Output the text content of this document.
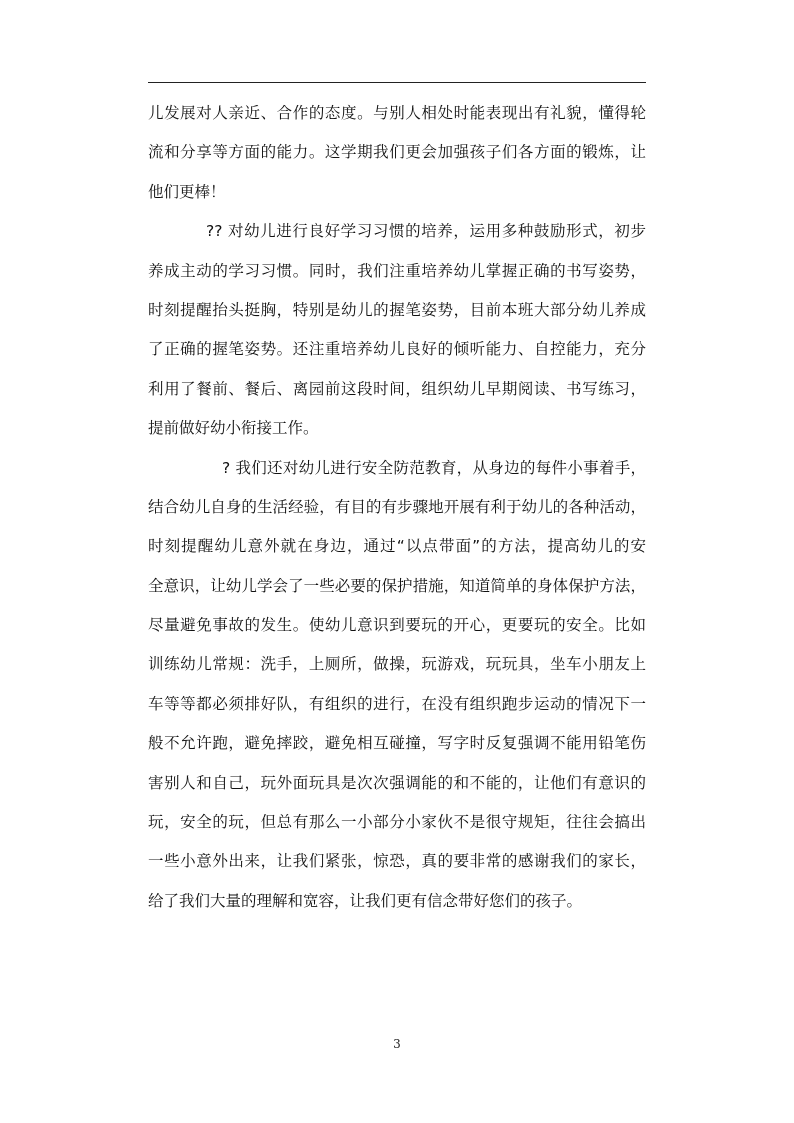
儿发展对人亲近、合作的态度。与别人相处时能表现出有礼貌，懂得轮
流和分享等方面的能力。这学期我们更会加强孩子们各方面的锻炼，让
他们更棒！
?? 对幼儿进行良好学习习惯的培养，运用多种鼓励形式，初步
养成主动的学习习惯。同时，我们注重培养幼儿掌握正确的书写姿势，
时刻提醒抬头挺胸，特别是幼儿的握笔姿势，目前本班大部分幼儿养成
了正确的握笔姿势。还注重培养幼儿良好的倾听能力、自控能力，充分
利用了餐前、餐后、离园前这段时间，组织幼儿早期阅读、书写练习，
提前做好幼小衔接工作。
? 我们还对幼儿进行安全防范教育，从身边的每件小事着手，
结合幼儿自身的生活经验，有目的有步骤地开展有利于幼儿的各种活动，
时刻提醒幼儿意外就在身边，通过“以点带面”的方法，提高幼儿的安
全意识，让幼儿学会了一些必要的保护措施，知道简单的身体保护方法，
尽量避免事故的发生。使幼儿意识到要玩的开心，更要玩的安全。比如
训练幼儿常规：洗手，上厕所，做操，玩游戏，玩玩具，坐车小朋友上
车等等都必须排好队，有组织的进行，在没有组织跑步运动的情况下一
般不允许跑，避免摔跤，避免相互碰撞，写字时反复强调不能用铅笔伤
害别人和自己，玩外面玩具是次次强调能的和不能的，让他们有意识的
玩，安全的玩，但总有那么一小部分小家伙不是很守规矩，往往会搞出
一些小意外出来，让我们紧张，惊恐，真的要非常的感谢我们的家长，
给了我们大量的理解和宽容，让我们更有信念带好您们的孩子。
3
